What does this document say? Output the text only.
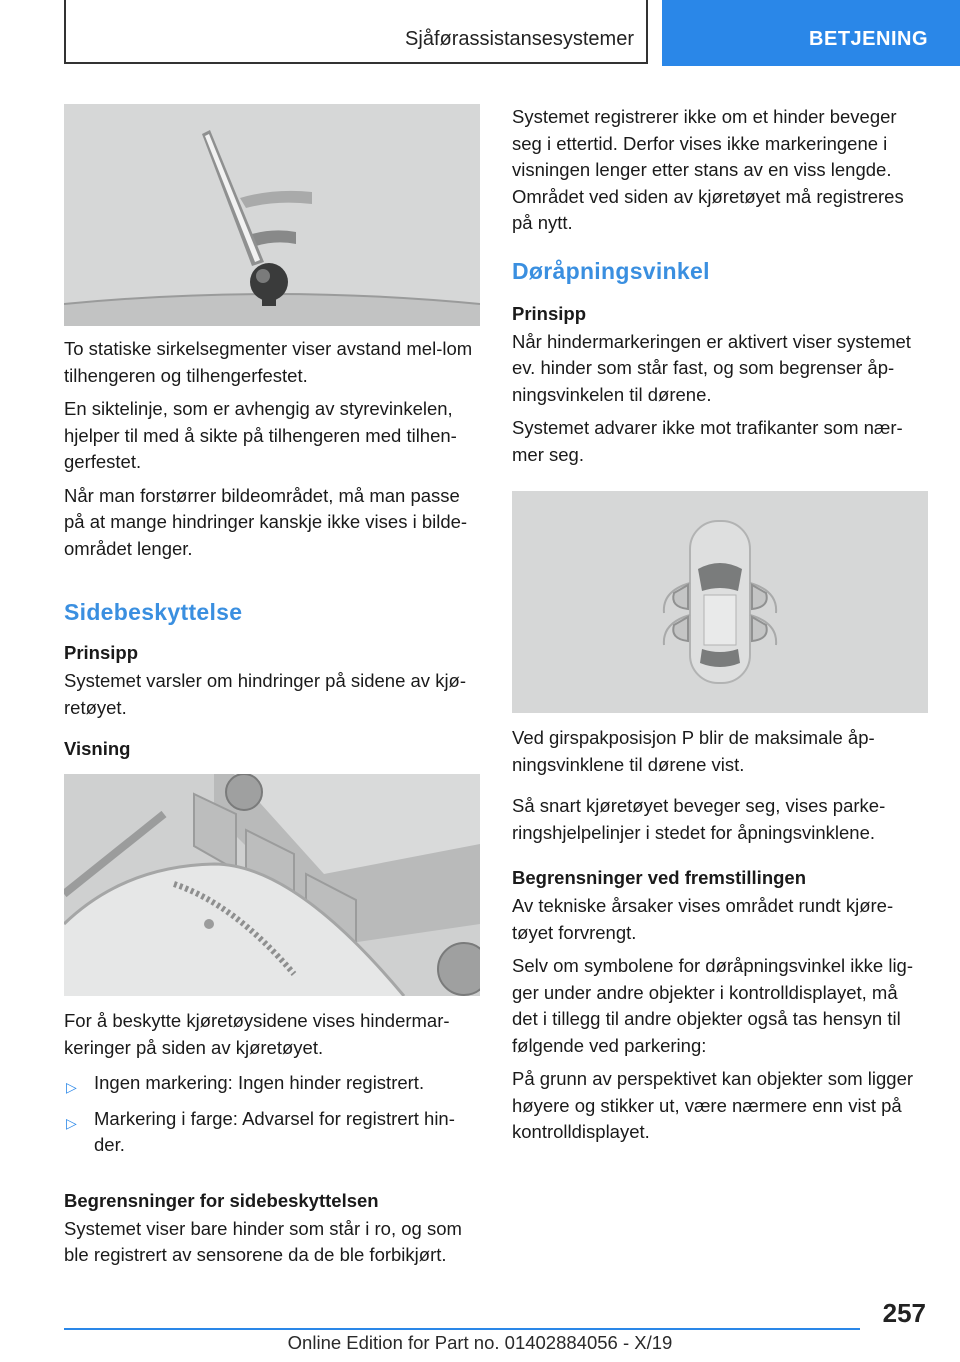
Sjåførassistansesystemer	BETJENING

To statiske sirkelsegmenter viser avstand mel‐lom tilhengeren og tilhengerfestet.

En siktelinje, som er avhengig av styrevinkelen, hjelper til med å sikte på tilhengeren med tilhen‐gerfestet.

Når man forstørrer bildeområdet, må man passe på at mange hindringer kanskje ikke vises i bilde‐området lenger.

Sidebeskyttelse
Prinsipp

Systemet varsler om hindringer på sidene av kjø‐retøyet.

Visning

For å beskytte kjøretøysidene vises hindermar‐keringer på siden av kjøretøyet.

▷ Ingen markering: Ingen hinder registrert.
▷ Markering i farge: Advarsel for registrert hin‐der.
Begrensninger for sidebeskyttelsen

Systemet viser bare hinder som står i ro, og som ble registrert av sensorene da de ble forbikjørt.

Systemet registrerer ikke om et hinder beveger seg i ettertid. Derfor vises ikke markeringene i visningen lenger etter stans av en viss lengde. Området ved siden av kjøretøyet må registreres på nytt.

Døråpningsvinkel
Prinsipp

Når hindermarkeringen er aktivert viser systemet ev. hinder som står fast, og som begrenser åp‐ningsvinkelen til dørene.

Systemet advarer ikke mot trafikanter som nær‐mer seg.

Ved girspakposisjon P blir de maksimale åp‐ningsvinklene til dørene vist.

Så snart kjøretøyet beveger seg, vises parke‐ringshjelpelinjer i stedet for åpningsvinklene.

Begrensninger ved fremstillingen

Av tekniske årsaker vises området rundt kjøre‐tøyet forvrengt.

Selv om symbolene for døråpningsvinkel ikke lig‐ger under andre objekter i kontrolldisplayet, må det i tillegg til andre objekter også tas hensyn til følgende ved parkering:

På grunn av perspektivet kan objekter som ligger høyere og stikker ut, være nærmere enn vist på kontrolldisplayet.

257
Online Edition for Part no. 01402884056 - X/19
